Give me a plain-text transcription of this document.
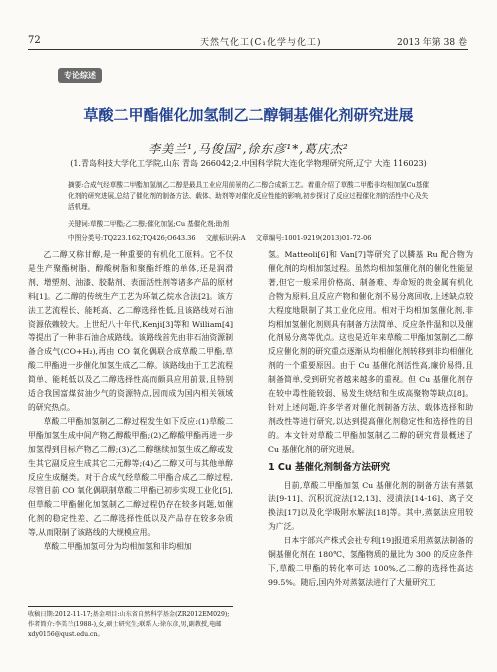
72	天然气化工(C₁化学与化工)	2013 年第 38 卷
专论综述
草酸二甲酯催化加氢制乙二醇铜基催化剂研究进展
李美兰¹,马俊国²,徐东彦¹*,葛庆杰²
(1.青岛科技大学化工学院,山东 青岛 266042;2.中国科学院大连化学物理研究所,辽宁 大连 116023)
摘要:合成气经草酸二甲酯加氢制乙二醇是最具工业应用前景的乙二醇合成新工艺。着重介绍了草酸二甲酯非均相加氢Cu基催化剂的研究进展,总结了催化剂的制备方法、载体、助剂等对催化反应性能的影响,初步探讨了反应过程催化剂的活性中心及失活机理。
关键词:草酸二甲酯;乙二醇;催化加氢;Cu 基催化剂;助剂
中图分类号:TQ223.162;TQ426;O643.36 文献标识码:A 文章编号:1001-9219(2013)01-72-06

乙二醇又称甘醇,是一种重要的有机化工原料。它不仅是生产聚酯树脂、醇酸树脂和聚酯纤维的单体,还是润滑剂、增塑剂、油漆、胶黏剂、表面活性剂等诸多产品的原材料[1]。乙二醇的传统生产工艺为环氧乙烷水合法[2]。该方法工艺流程长、能耗高、乙二醇选择性低,且该路线对石油资源依赖较大。上世纪八十年代,Kenji[3]等和 William[4]等提出了一种非石油合成路线。该路线首先由非石油资源制备合成气(CO+H₂),再由 CO 氧化偶联合成草酸二甲酯,草酸二甲酯进一步催化加氢生成乙二醇。该路线由于工艺流程简单、能耗低以及乙二醇选择性高而颇具应用前景,且特别适合我国富煤贫油少气的资源特点,因而成为国内相关领域的研究热点。

草酸二甲酯加氢制乙二醇过程发生如下反应:(1)草酸二甲酯加氢生成中间产物乙醇酸甲酯;(2)乙醇酸甲酯再进一步加氢得到目标产物乙二醇;(3)乙二醇继续加氢生成乙醇或发生其它副反应生成其它二元醇等;(4)乙二醇又可与其他单醇反应生成醚类。对于合成气经草酸二甲酯合成乙二醇过程,尽管目前 CO 氧化偶联制草酸二甲酯已初步实现工业化[5],但草酸二甲酯催化加氢制乙二醇过程仍存在较多问题,如催化剂的稳定性差、乙二醇选择性低以及产品存在较多杂质等,从而限制了该路线的大规模应用。

草酸二甲酯加氢可分为均相加氢和非均相加

氢。Matteoli[6]和 Van[7]等研究了以膦基 Ru 配合物为催化剂的均相加氢过程。虽然均相加氢催化剂的催化性能显著,但它一般采用价格高、制备难、寿命短的贵金属有机化合物为原料,且反应产物和催化剂不易分离回收,上述缺点较大程度地限制了其工业化应用。相对于均相加氢催化剂,非均相加氢催化剂则具有制备方法简单、反应条件温和以及催化剂易分离等优点。这也是近年来草酸二甲酯加氢制乙二醇反应催化剂的研究重点逐渐从均相催化剂转移到非均相催化剂的一个重要原因。由于 Cu 基催化剂活性高,廉价易得,且制备简单,受到研究者越来越多的重视。但 Cu 基催化剂存在较中毒性能较弱、易发生烧结和生成高聚物等缺点[8]。针对上述问题,许多学者对催化剂制备方法、载体选择和助剂改性等进行研究,以达到提高催化剂稳定性和选择性的目的。本文针对草酸二甲酯加氢制乙二醇的研究背景概述了 Cu 基催化剂的研究进展。

1 Cu 基催化剂制备方法研究

目前,草酸二甲酯加氢 Cu 基催化剂的制备方法有蒸氨法[9-11]、沉积沉淀法[12,13]、浸渍法[14-16]、离子交换法[17]以及化学吸附水解法[18]等。其中,蒸氨法应用较为广泛。

日本宇部兴产株式会社专利[19]报道采用蒸氨法制备的铜基催化剂在 180℃、氢酯物质的量比为 300 的反应条件下,草酸二甲酯的转化率可达 100%,乙二醇的选择性高达 99.5%。随后,国内外对蒸氨法进行了大量研究工

收稿日期:2012-11-17;基金项目:山东省自然科学基金(ZR2012EM029);作者简介:李美兰(1988-),女,硕士研究生;联系人:徐东彦,男,副教授,电邮 xdy0156@qust.edu.cn。
